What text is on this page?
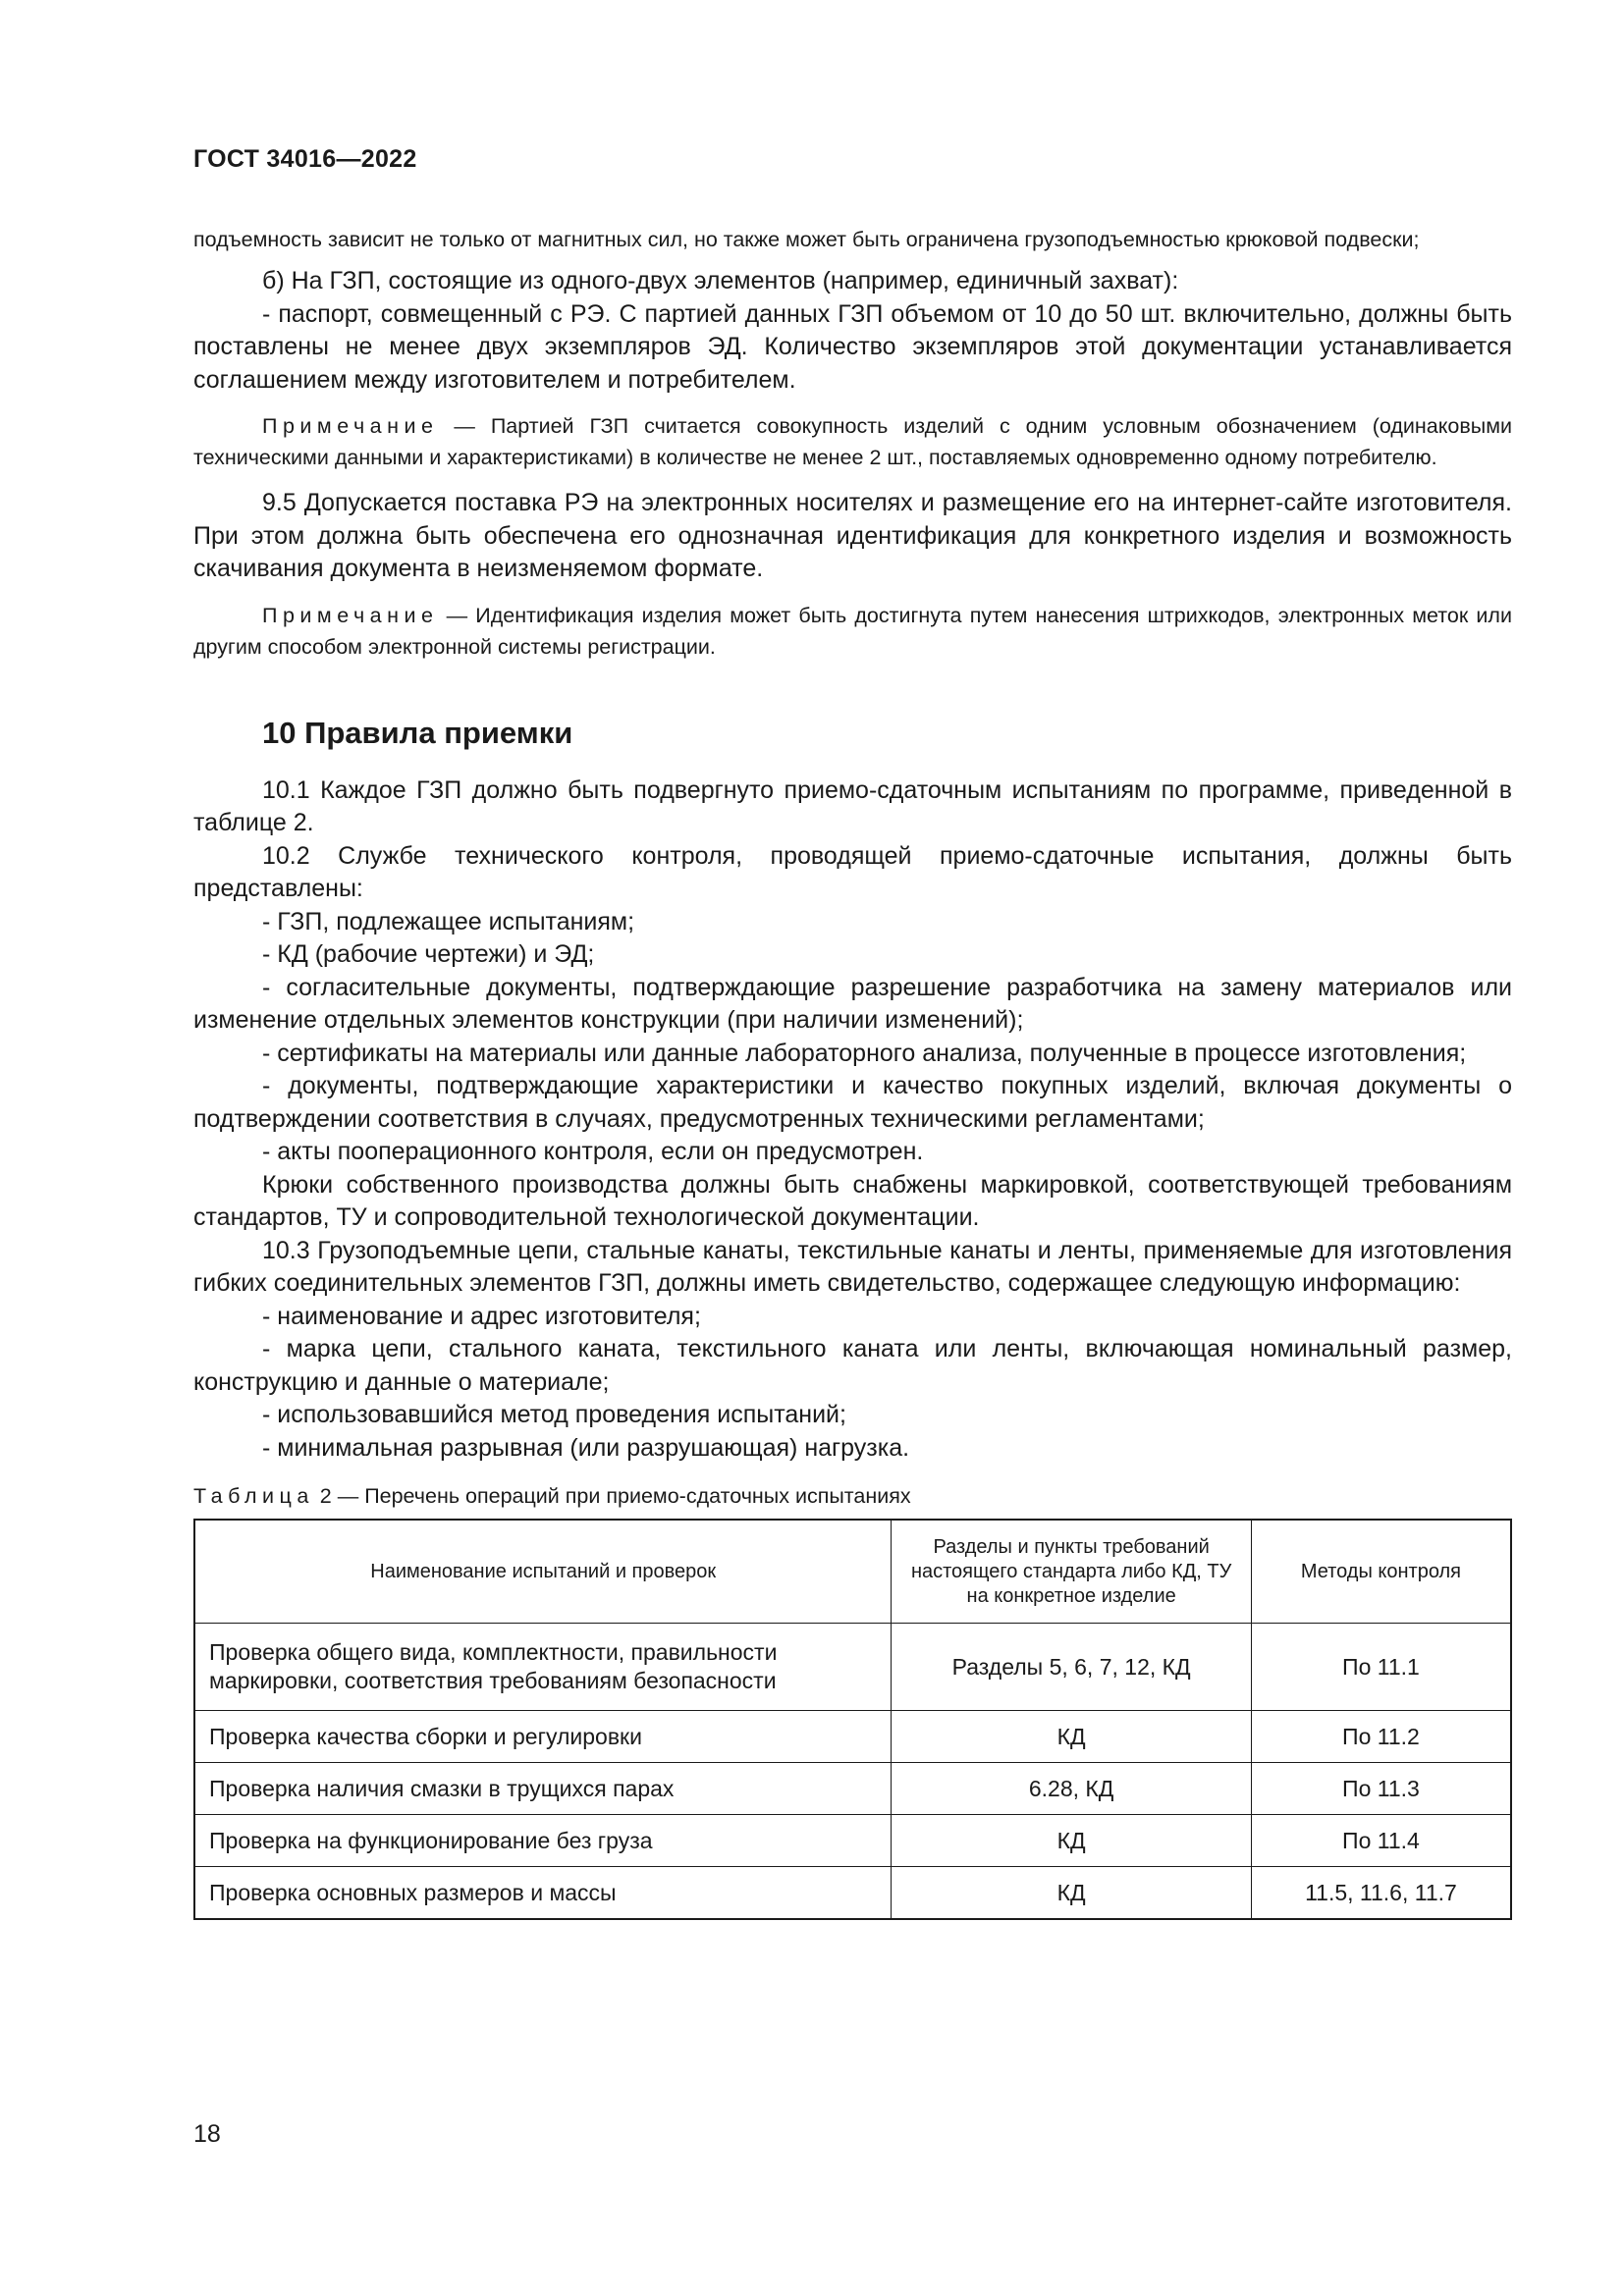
ГОСТ 34016—2022

подъемность зависит не только от магнитных сил, но также может быть ограничена грузоподъемностью крюковой подвески;

б) На ГЗП, состоящие из одного-двух элементов (например, единичный захват):

- паспорт, совмещенный с РЭ. С партией данных ГЗП объемом от 10 до 50 шт. включительно, должны быть поставлены не менее двух экземпляров ЭД. Количество экземпляров этой документации устанавливается соглашением между изготовителем и потребителем.

Примечание — Партией ГЗП считается совокупность изделий с одним условным обозначением (одинаковыми техническими данными и характеристиками) в количестве не менее 2 шт., поставляемых одновременно одному потребителю.

9.5 Допускается поставка РЭ на электронных носителях и размещение его на интернет-сайте изготовителя. При этом должна быть обеспечена его однозначная идентификация для конкретного изделия и возможность скачивания документа в неизменяемом формате.

Примечание — Идентификация изделия может быть достигнута путем нанесения штрихкодов, электронных меток или другим способом электронной системы регистрации.

10 Правила приемки

10.1 Каждое ГЗП должно быть подвергнуто приемо-сдаточным испытаниям по программе, приведенной в таблице 2.

10.2 Службе технического контроля, проводящей приемо-сдаточные испытания, должны быть представлены:

- ГЗП, подлежащее испытаниям;

- КД (рабочие чертежи) и ЭД;

- согласительные документы, подтверждающие разрешение разработчика на замену материалов или изменение отдельных элементов конструкции (при наличии изменений);

- сертификаты на материалы или данные лабораторного анализа, полученные в процессе изготовления;

- документы, подтверждающие характеристики и качество покупных изделий, включая документы о подтверждении соответствия в случаях, предусмотренных техническими регламентами;

- акты пооперационного контроля, если он предусмотрен.

Крюки собственного производства должны быть снабжены маркировкой, соответствующей требованиям стандартов, ТУ и сопроводительной технологической документации.

10.3 Грузоподъемные цепи, стальные канаты, текстильные канаты и ленты, применяемые для изготовления гибких соединительных элементов ГЗП, должны иметь свидетельство, содержащее следующую информацию:

- наименование и адрес изготовителя;

- марка цепи, стального каната, текстильного каната или ленты, включающая номинальный размер, конструкцию и данные о материале;

- использовавшийся метод проведения испытаний;

- минимальная разрывная (или разрушающая) нагрузка.

Таблица 2 — Перечень операций при приемо-сдаточных испытаниях

Наименование испытаний и проверок	Разделы и пункты требований настоящего стандарта либо КД, ТУ на конкретное изделие	Методы контроля
Проверка общего вида, комплектности, правильности маркировки, соответствия требованиям безопасности	Разделы 5, 6, 7, 12, КД	По 11.1
Проверка качества сборки и регулировки	КД	По 11.2
Проверка наличия смазки в трущихся парах	6.28, КД	По 11.3
Проверка на функционирование без груза	КД	По 11.4
Проверка основных размеров и массы	КД	11.5, 11.6, 11.7
18
